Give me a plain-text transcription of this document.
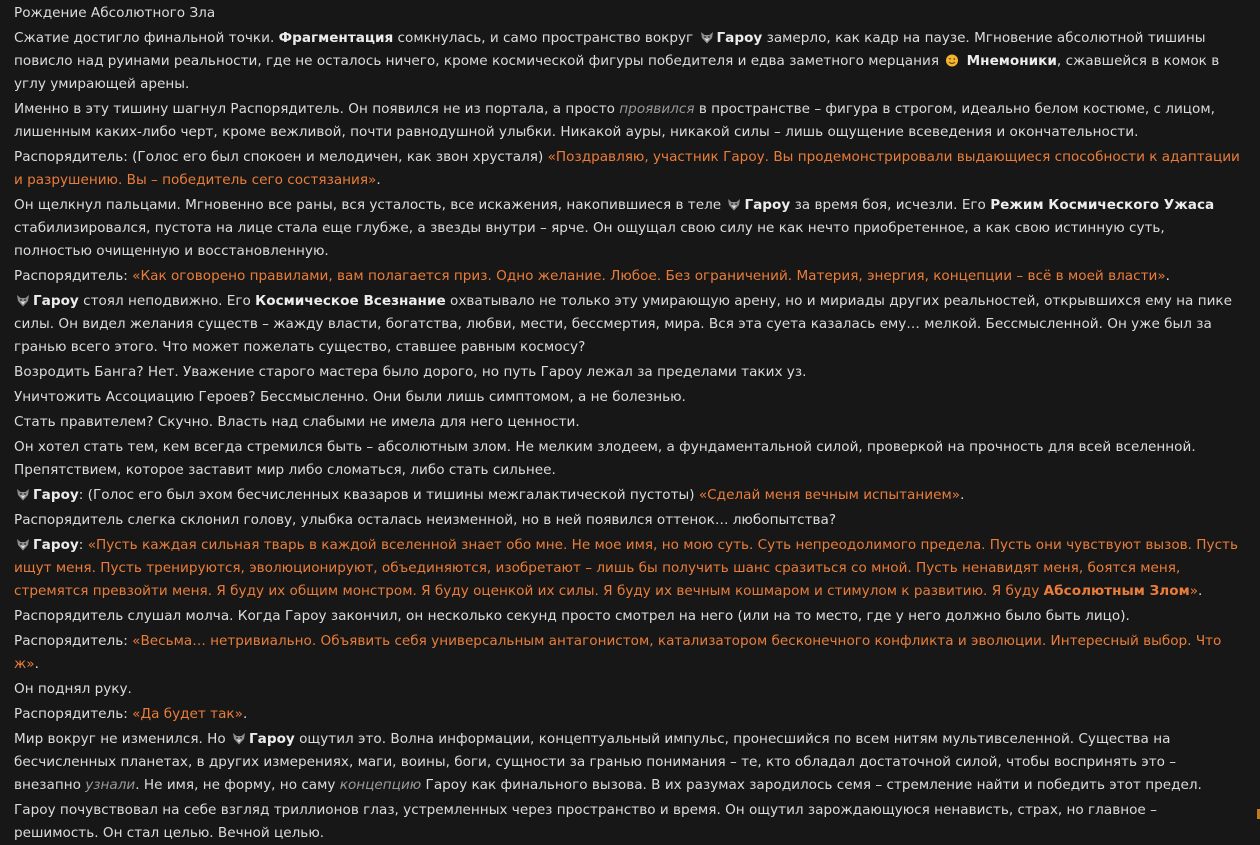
Рождение Абсолютного Зла
Сжатие достигло финальной точки. Фрагментация сомкнулась, и само пространство вокруг Гароу замерло, как кадр на паузе. Мгновение абсолютной тишины повисло над руинами реальности, где не осталось ничего, кроме космической фигуры победителя и едва заметного мерцания  Мнемоники, сжавшейся в комок в углу умирающей арены.
Именно в эту тишину шагнул Распорядитель. Он появился не из портала, а просто проявился в пространстве – фигура в строгом, идеально белом костюме, с лицом, лишенным каких-либо черт, кроме вежливой, почти равнодушной улыбки. Никакой ауры, никакой силы – лишь ощущение всеведения и окончательности.
Распорядитель: (Голос его был спокоен и мелодичен, как звон хрусталя) «Поздравляю, участник Гароу. Вы продемонстрировали выдающиеся способности к адаптации и разрушению. Вы – победитель сего состязания».
Он щелкнул пальцами. Мгновенно все раны, вся усталость, все искажения, накопившиеся в теле Гароу за время боя, исчезли. Его Режим Космического Ужаса стабилизировался, пустота на лице стала еще глубже, а звезды внутри – ярче. Он ощущал свою силу не как нечто приобретенное, а как свою истинную суть, полностью очищенную и восстановленную.
Распорядитель: «Как оговорено правилами, вам полагается приз. Одно желание. Любое. Без ограничений. Материя, энергия, концепции – всё в моей власти».
Гароу стоял неподвижно. Его Космическое Всезнание охватывало не только эту умирающую арену, но и мириады других реальностей, открывшихся ему на пике силы. Он видел желания существ – жажду власти, богатства, любви, мести, бессмертия, мира. Вся эта суета казалась ему… мелкой. Бессмысленной. Он уже был за гранью всего этого. Что может пожелать существо, ставшее равным космосу?
Возродить Банга? Нет. Уважение старого мастера было дорого, но путь Гароу лежал за пределами таких уз.
Уничтожить Ассоциацию Героев? Бессмысленно. Они были лишь симптомом, а не болезнью.
Стать правителем? Скучно. Власть над слабыми не имела для него ценности.
Он хотел стать тем, кем всегда стремился быть – абсолютным злом. Не мелким злодеем, а фундаментальной силой, проверкой на прочность для всей вселенной. Препятствием, которое заставит мир либо сломаться, либо стать сильнее.
Гароу: (Голос его был эхом бесчисленных квазаров и тишины межгалактической пустоты) «Сделай меня вечным испытанием».
Распорядитель слегка склонил голову, улыбка осталась неизменной, но в ней появился оттенок… любопытства?
Гароу: «Пусть каждая сильная тварь в каждой вселенной знает обо мне. Не мое имя, но мою суть. Суть непреодолимого предела. Пусть они чувствуют вызов. Пусть ищут меня. Пусть тренируются, эволюционируют, объединяются, изобретают – лишь бы получить шанс сразиться со мной. Пусть ненавидят меня, боятся меня, стремятся превзойти меня. Я буду их общим монстром. Я буду оценкой их силы. Я буду их вечным кошмаром и стимулом к развитию. Я буду Абсолютным Злом».
Распорядитель слушал молча. Когда Гароу закончил, он несколько секунд просто смотрел на него (или на то место, где у него должно было быть лицо).
Распорядитель: «Весьма… нетривиально. Объявить себя универсальным антагонистом, катализатором бесконечного конфликта и эволюции. Интересный выбор. Что ж».
Он поднял руку.
Распорядитель: «Да будет так».
Мир вокруг не изменился. Но Гароу ощутил это. Волна информации, концептуальный импульс, пронесшийся по всем нитям мультивселенной. Существа на бесчисленных планетах, в других измерениях, маги, воины, боги, сущности за гранью понимания – те, кто обладал достаточной силой, чтобы воспринять это – внезапно узнали. Не имя, не форму, но саму концепцию Гароу как финального вызова. В их разумах зародилось семя – стремление найти и победить этот предел.
Гароу почувствовал на себе взгляд триллионов глаз, устремленных через пространство и время. Он ощутил зарождающуюся ненависть, страх, но главное – решимость. Он стал целью. Вечной целью.
